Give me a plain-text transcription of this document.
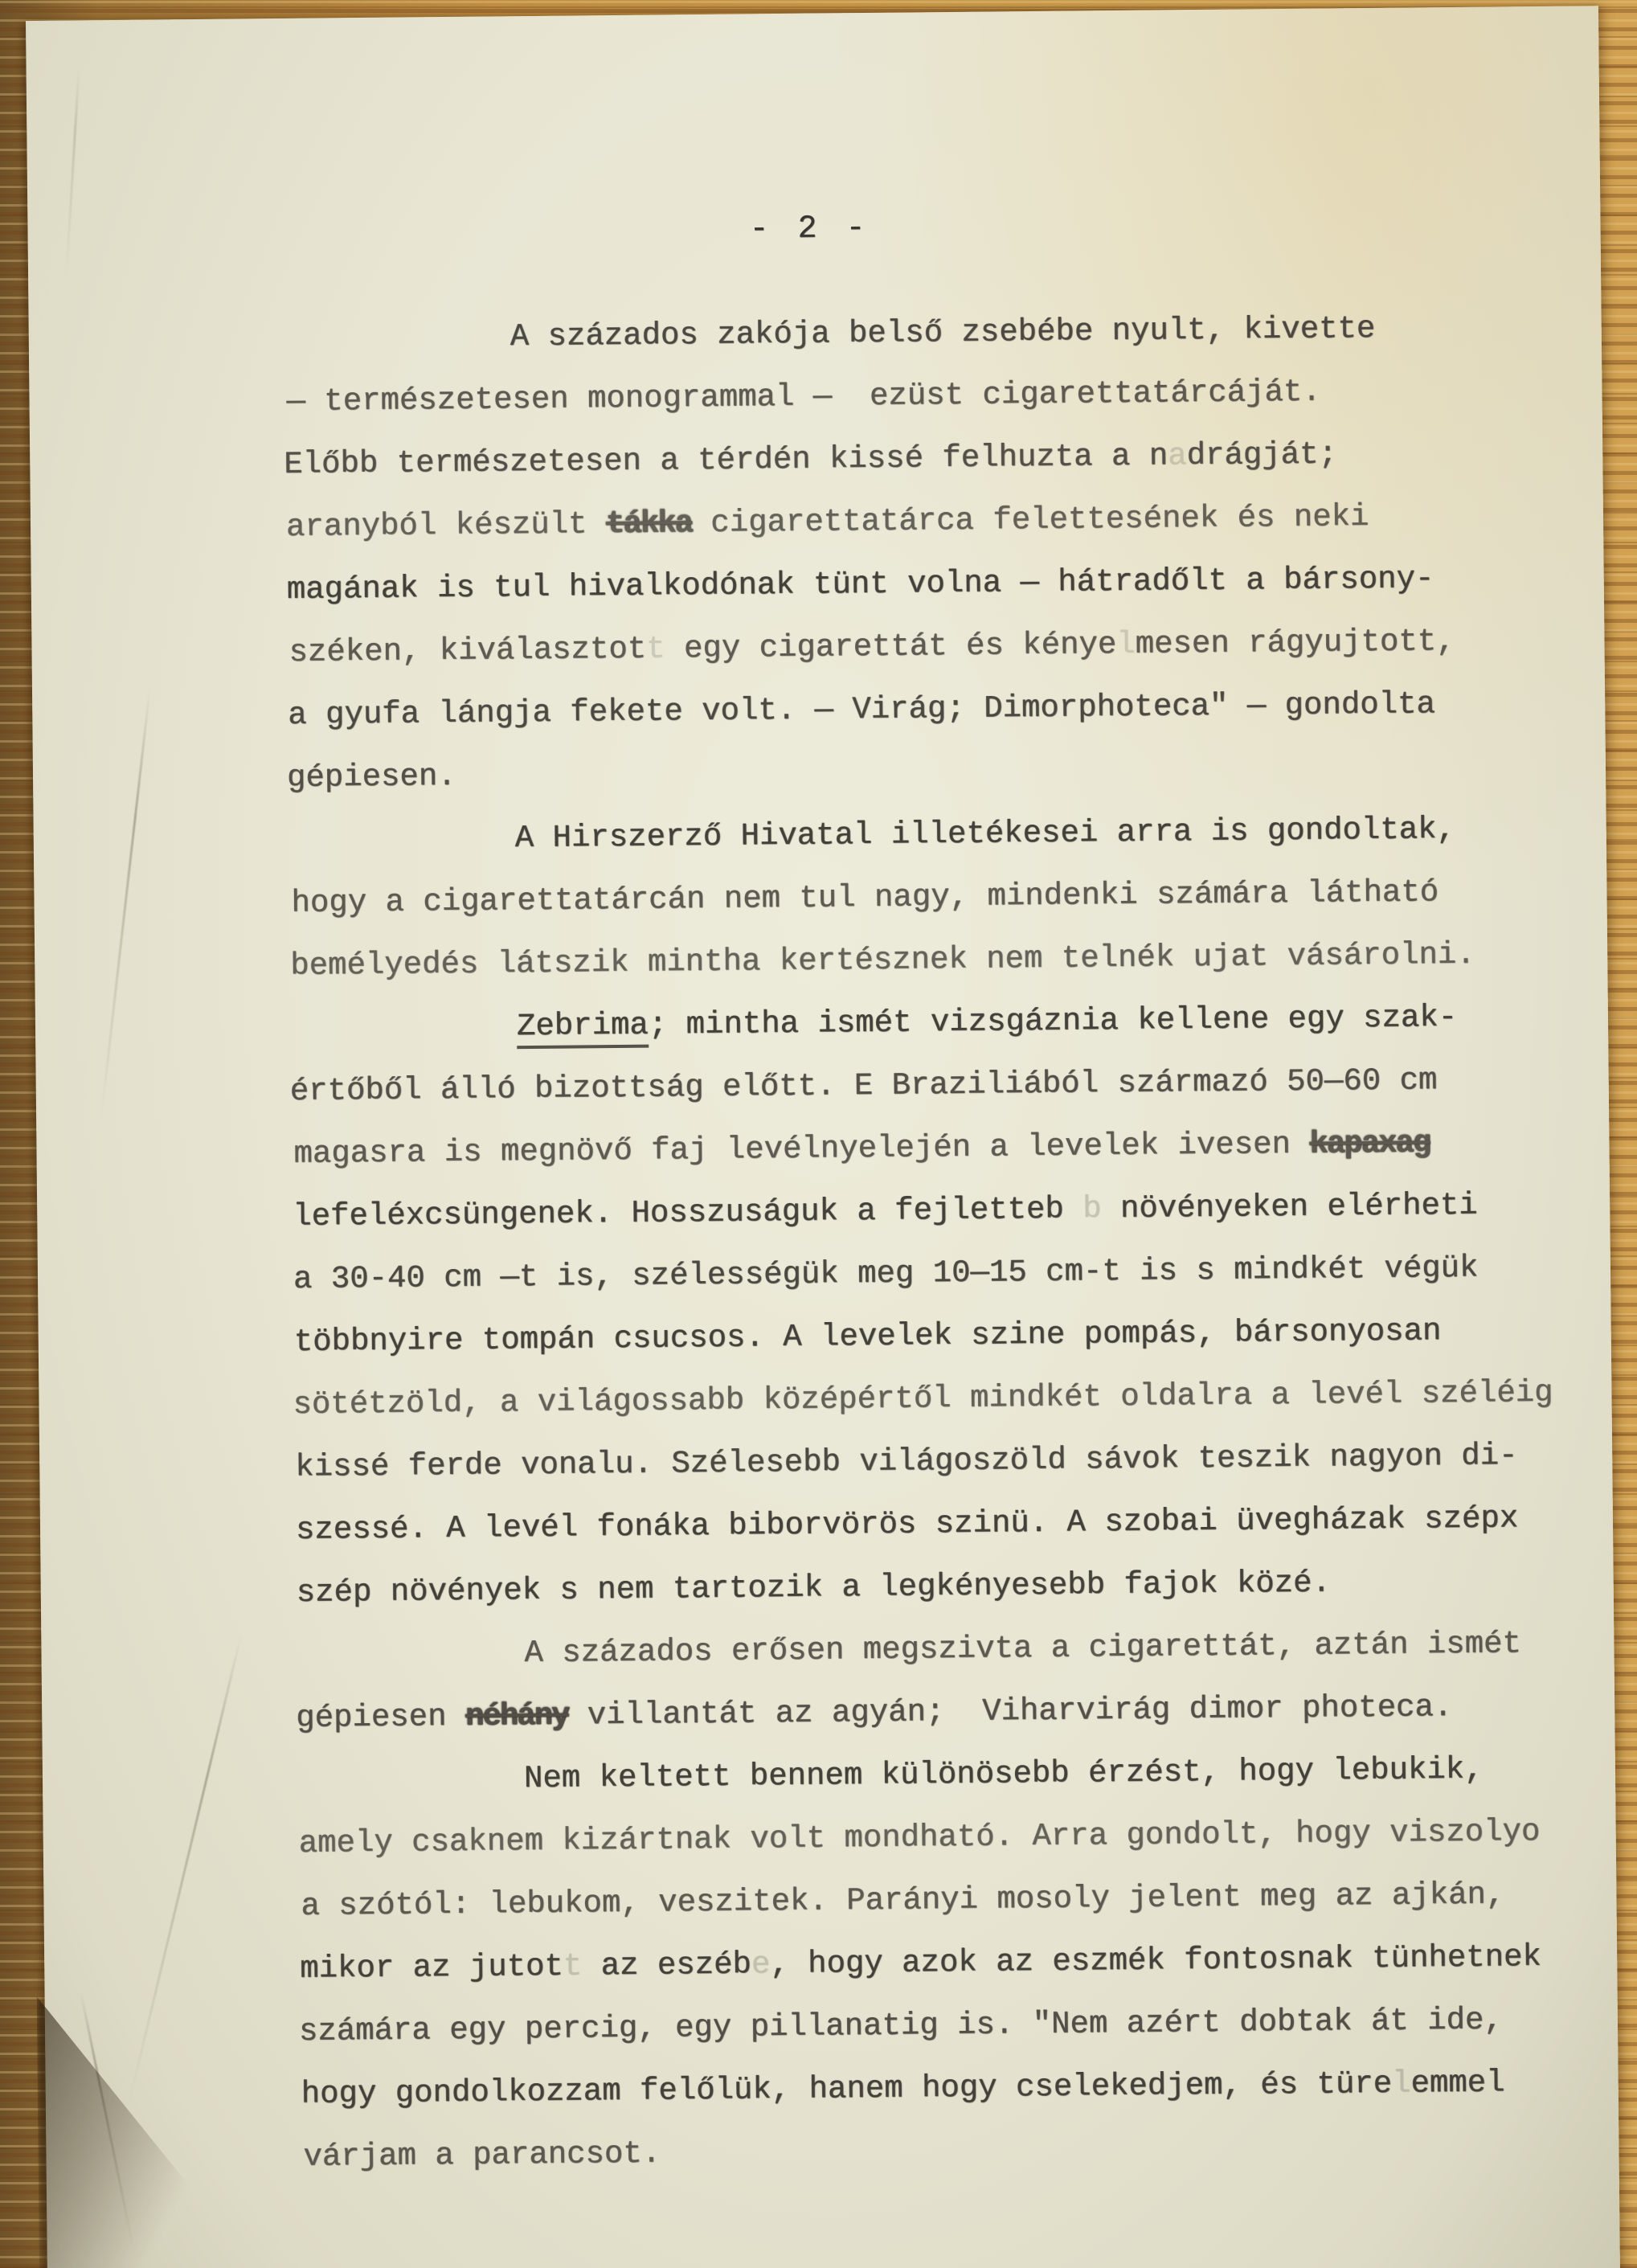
- 2 -
A százados zakója belső zsebébe nyult, kivette
— természetesen monogrammal —  ezüst cigarettatárcáját.
Előbb természetesen a térdén kissé felhuzta a nadrágját;
aranyból készült tákka cigarettatárca felettesének és neki
magának is tul hivalkodónak tünt volna — hátradőlt a bársony-
széken, kiválasztott egy cigarettát és kényelmesen rágyujtott,
a gyufa lángja fekete volt. — Virág; Dimorphoteca" — gondolta
gépiesen.
A Hirszerző Hivatal illetékesei arra is gondoltak,
hogy a cigarettatárcán nem tul nagy, mindenki számára látható
bemélyedés látszik mintha kertésznek nem telnék ujat vásárolni.
Zebrima; mintha ismét vizsgáznia kellene egy szak-
értőből álló bizottság előtt. E Braziliából származó 50—60 cm
magasra is megnövő faj levélnyelején a levelek ivesen kapaxag
lefeléxcsüngenek. Hosszuságuk a fejletteb b növényeken elérheti
a 30-40 cm —t is, szélességük meg 10—15 cm-t is s mindkét végük
többnyire tompán csucsos. A levelek szine pompás, bársonyosan
sötétzöld, a világossabb középértől mindkét oldalra a levél széléig
kissé ferde vonalu. Szélesebb világoszöld sávok teszik nagyon di-
szessé. A levél fonáka biborvörös szinü. A szobai üvegházak szépx
szép növények s nem tartozik a legkényesebb fajok közé.
A százados erősen megszivta a cigarettát, aztán ismét
gépiesen néhány villantát az agyán;  Viharvirág dimor photeca.
Nem keltett bennem különösebb érzést, hogy lebukik,
amely csaknem kizártnak volt mondható. Arra gondolt, hogy viszolyo
a szótól: lebukom, veszitek. Parányi mosoly jelent meg az ajkán,
mikor az jutott az eszébe, hogy azok az eszmék fontosnak tünhetnek
számára egy percig, egy pillanatig is. "Nem azért dobtak át ide,
hogy gondolkozzam felőlük, hanem hogy cselekedjem, és türelemmel
várjam a parancsot.
